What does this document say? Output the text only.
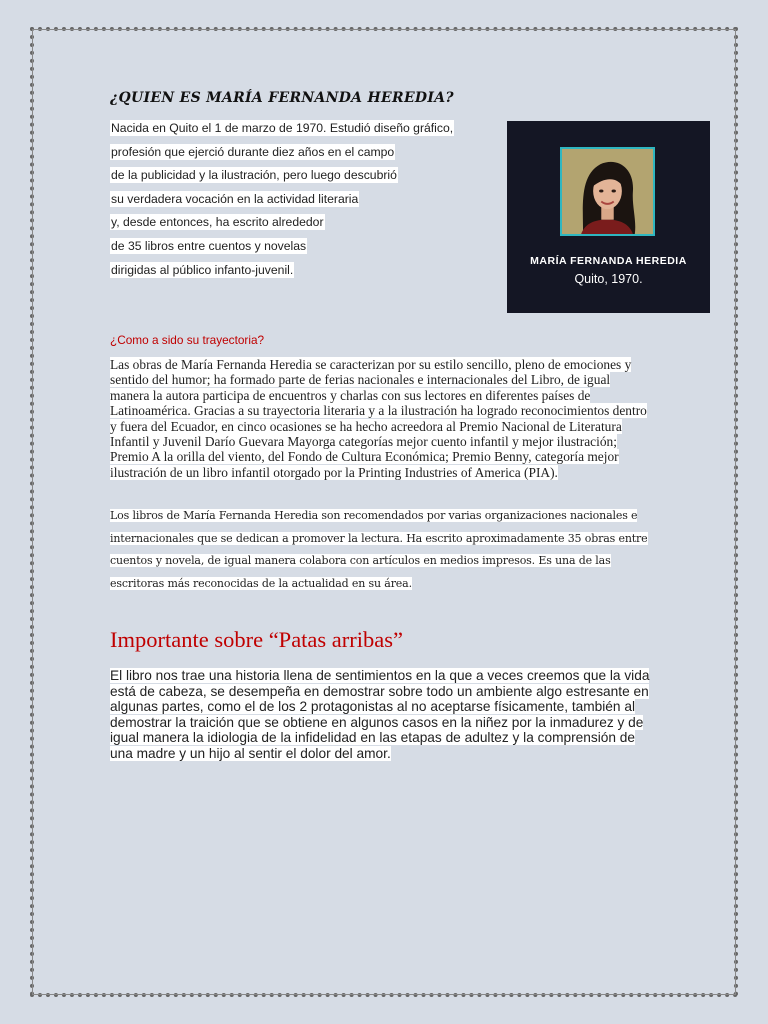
¿QUIEN ES MARÍA FERNANDA HEREDIA?
Nacida en Quito el 1 de marzo de 1970. Estudió diseño gráfico,
profesión que ejerció durante diez años en el campo
de la publicidad y la ilustración, pero luego descubrió
su verdadera vocación en la actividad literaria
y, desde entonces, ha escrito alrededor
de 35 libros entre cuentos y novelas
dirigidas al público infanto-juvenil.
MARÍA FERNANDA HEREDIA
Quito, 1970.
¿Como a sido su trayectoria?

Las obras de María Fernanda Heredia se caracterizan por su estilo sencillo, pleno de emociones y sentido del humor; ha formado parte de ferias nacionales e internacionales del Libro, de igual manera la autora participa de encuentros y charlas con sus lectores en diferentes países de Latinoamérica. Gracias a su trayectoria literaria y a la ilustración ha logrado reconocimientos dentro y fuera del Ecuador, en cinco ocasiones se ha hecho acreedora al Premio Nacional de Literatura Infantil y Juvenil Darío Guevara Mayorga categorías mejor cuento infantil y mejor ilustración; Premio A la orilla del viento, del Fondo de Cultura Económica; Premio Benny, categoría mejor ilustración de un libro infantil otorgado por la Printing Industries of America (PIA).

Los libros de María Fernanda Heredia son recomendados por varias organizaciones nacionales e internacionales que se dedican a promover la lectura. Ha escrito aproximadamente 35 obras entre cuentos y novela, de igual manera colabora con artículos en medios impresos. Es una de las escritoras más reconocidas de la actualidad en su área.

Importante sobre “Patas arribas”

El libro nos trae una historia llena de sentimientos en la que a veces creemos que la vida está de cabeza, se desempeña en demostrar sobre todo un ambiente algo estresante en algunas partes, como el de los 2 protagonistas al no aceptarse físicamente, también al demostrar la traición que se obtiene en algunos casos en la niñez por la inmadurez y de igual manera la idiologia de la infidelidad en las etapas de adultez y la comprensión de una madre y un hijo al sentir el dolor del amor.
